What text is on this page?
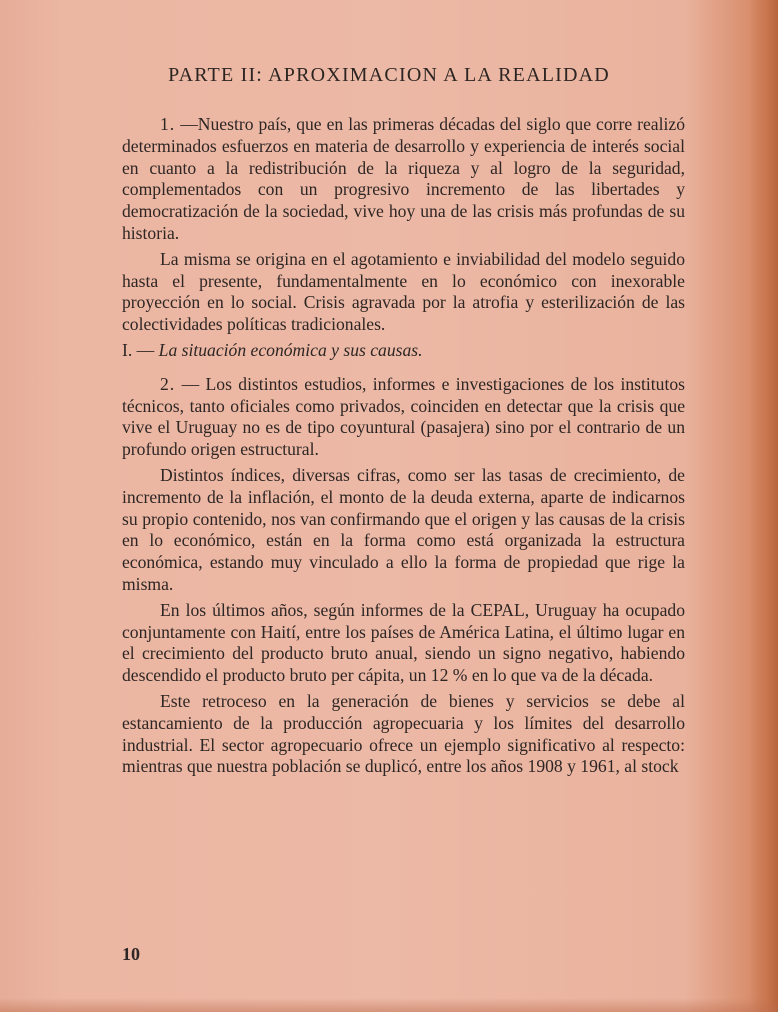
PARTE II: APROXIMACION A LA REALIDAD

1. —Nuestro país, que en las primeras décadas del siglo que corre realizó determinados esfuerzos en materia de desarrollo y experiencia de interés social en cuanto a la redistribución de la riqueza y al logro de la seguridad, complementados con un progresivo incremento de las libertades y democratización de la sociedad, vive hoy una de las crisis más profundas de su historia.

La misma se origina en el agotamiento e inviabilidad del modelo seguido hasta el presente, fundamentalmente en lo económico con inexorable proyección en lo social. Crisis agravada por la atrofia y esterilización de las colectividades políticas tradicionales.

I. — La situación económica y sus causas.

2. — Los distintos estudios, informes e investigaciones de los institutos técnicos, tanto oficiales como privados, coinciden en detectar que la crisis que vive el Uruguay no es de tipo coyuntural (pasajera) sino por el contrario de un profundo origen estructural.

Distintos índices, diversas cifras, como ser las tasas de crecimiento, de incremento de la inflación, el monto de la deuda externa, aparte de indicarnos su propio contenido, nos van confirmando que el origen y las causas de la crisis en lo económico, están en la forma como está organizada la estructura económica, estando muy vinculado a ello la forma de propiedad que rige la misma.

En los últimos años, según informes de la CEPAL, Uruguay ha ocupado conjuntamente con Haití, entre los países de América Latina, el último lugar en el crecimiento del producto bruto anual, siendo un signo negativo, habiendo descendido el producto bruto per cápita, un 12 % en lo que va de la década.

Este retroceso en la generación de bienes y servicios se debe al estancamiento de la producción agropecuaria y los límites del desarrollo industrial. El sector agropecuario ofrece un ejemplo significativo al respecto: mientras que nuestra población se duplicó, entre los años 1908 y 1961, al stock

10
